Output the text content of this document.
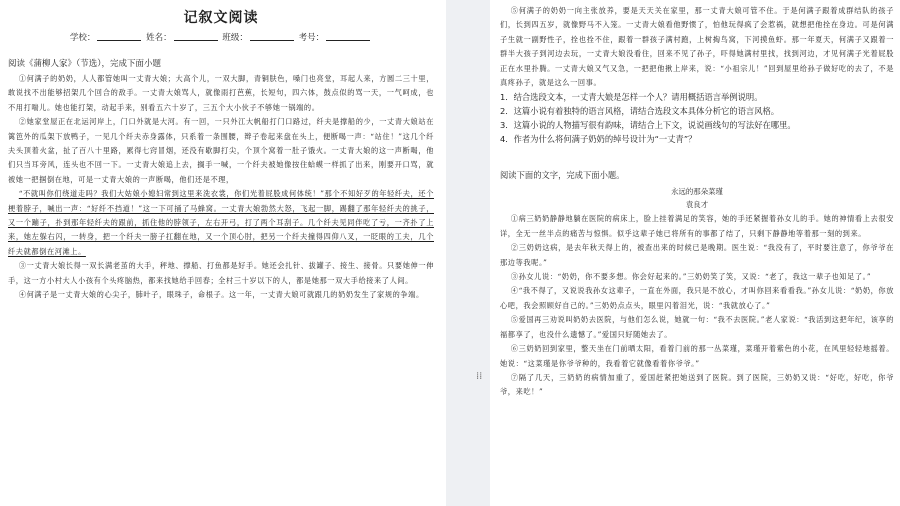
记叙文阅读
学校：	姓名：	班级：	考号：

阅读《蒲柳人家》（节选），完成下面小题

①何满子的奶奶，人人都管她叫一丈青大娘；大高个儿，一双大脚，青铜肤色，嗓门也亮堂，耳起人来，方圆二三十里，敢说找不出能够招架几个回合的敌手。一丈青大娘骂人，就像雨打芭蕉，长短句，四六体，鼓点似的骂一天，一气呵成，也不用打喘儿。她也能打架，动起手来，别看五六十岁了，三五个大小伙子不够她一锅端的。

②她家堂屋正在北运河岸上，门口外就是大河。有一回，一只外江大帆船打门口路过，纤夫是撑船的少，一丈青大娘站在篱笆外的瓜架下放鸭子，一见几个纤夫赤身露体，只系着一条围腰，辫子卷起来盘在头上，便断喝一声：“站住！”这几个纤夫头顶着火盆，扯了百八十里路，累得七窍冒烟，还没有歇脚打尖，个顶个窝着一肚子饿火。一丈青大娘的这一声断喝，他们只当耳旁风，连头也不回一下。一丈青大娘追上去，搁手一喊，一个纤夫被她像按住蛤蟆一样抓了出来，刚要开口骂，就被她一把掴倒在地，可是一丈青大娘的一声断喝，他们还是不理，

“不就叫你们绕道走吗？我们大姑娘小媳妇常到这里来洗衣裳，你们光着屁股成何体统！”那个不知好歹的年轻纤夫，还个梗着脖子，喊出一声：“好纤不挡道！”这一下可捅了马蜂窝。一丈青大娘勃然大怒，飞起一脚，踢翻了那年轻纤夫的挑子，又一个蹦子，扑到那年轻纤夫的跟前，抓住他的脖领子，左右开弓，打了两个耳刮子。几个纤夫见同伴吃了亏，一齐扑了上来，她左躲右闪，一转身，把一个纤夫一膀子扛翻在地，又一个顶心肘，把另一个纤夫撞得四仰八叉，一眨眼的工夫，几个纤夫就都倒在河滩上。

③一丈青大娘长得一双长满老茧的大手，秤地、撑船、打鱼都是好手。她还会扎针、拔罐子、接生、接骨。只要她伸一伸手，这一方小村大人小孩有个头疼脑热，都来找她给手回春；全村三十岁以下的人，都是她那一双大手给接来了人间。

④何满子是一丈青大娘的心尖子，肺叶子，眼珠子，命根子。这一年，一丈青大娘可就跟几的奶奶发生了家规的争端。

⁞⁞

⑤何满子的奶奶一向主张放养，要是天天关在家里，那一丈青大娘可管不住。于是何满子跟着成群结队的孩子们，长到四五岁，就像野马不入笼。一丈青大娘看他野惯了，怕他玩得疯了会惹祸，就想把他拴在身边。可是何满子生就一副野性子，拴也拴不住，跟着一群孩子满村跑，上树掏鸟窝，下河摸鱼虾。那一年夏天，何满子又跟着一群半大孩子到河边去玩，一丈青大娘没看住，回来不见了孙子，吓得她满村里找，找到河边，才见何满子光着屁股正在水里扑腾。一丈青大娘又气又急，一把把他揪上岸来，说：“小祖宗儿！”回到屋里给孙子做好吃的去了，不是真疼孙子，就是这么一回事。

1．结合选段文本，一丈青大娘是怎样一个人？请用概括语言举例说明。

2．这篇小说有着独特的语言风格，请结合选段文本具体分析它的语言风格。

3．这篇小说的人物描写很有韵味，请结合上下文，说说画线句的写法好在哪里。

4．作者为什么将何满子奶奶的绰号设计为“一丈青”？

阅读下面的文字，完成下面小题。

永远的那朵菜瑾
袁良才

①病三奶奶静静地躺在医院的病床上，脸上挂着满足的笑容，她的手还紧握着孙女儿的手。她的神情看上去很安详，全无一丝半点的痛苦与惊惧。似乎这辈子她已将所有的事都了结了，只剩下静静地等着那一刻的到来。

②三奶奶这病，是去年秋天得上的，被查出来的时候已是晚期。医生说：“我没有了，平时要注意了，你爷爷在那边等我呢。”

③孙女儿说：“奶奶，你不要多想。你会好起来的。”三奶奶笑了笑，又说：“老了，我这一辈子也知足了。”

④“我不得了，又说说我孙女这辈子，一直在外面，我只是不放心，才叫你回来看看我。”孙女儿说：“奶奶，你放心吧，我会照顾好自己的。”三奶奶点点头，眼里闪着泪光，说：“我就放心了。”

⑤爱国再三劝说叫奶奶去医院，与他们怎么说，她就一句：“我不去医院。”老人家说：“我活到这把年纪，该享的福都享了，也没什么遗憾了。”爱国只好随她去了。

⑥三奶奶回到家里，整天坐在门前晒太阳，看着门前的那一丛菜瑾，菜瑾开着紫色的小花，在风里轻轻地摇着。她说：“这菜瑾是你爷爷种的，我看着它就像看着你爷爷。”

⑦隔了几天，三奶奶的病情加重了，爱国赶紧把她送到了医院。到了医院，三奶奶又说：“好吃，好吃，你爷爷，来吃！”
